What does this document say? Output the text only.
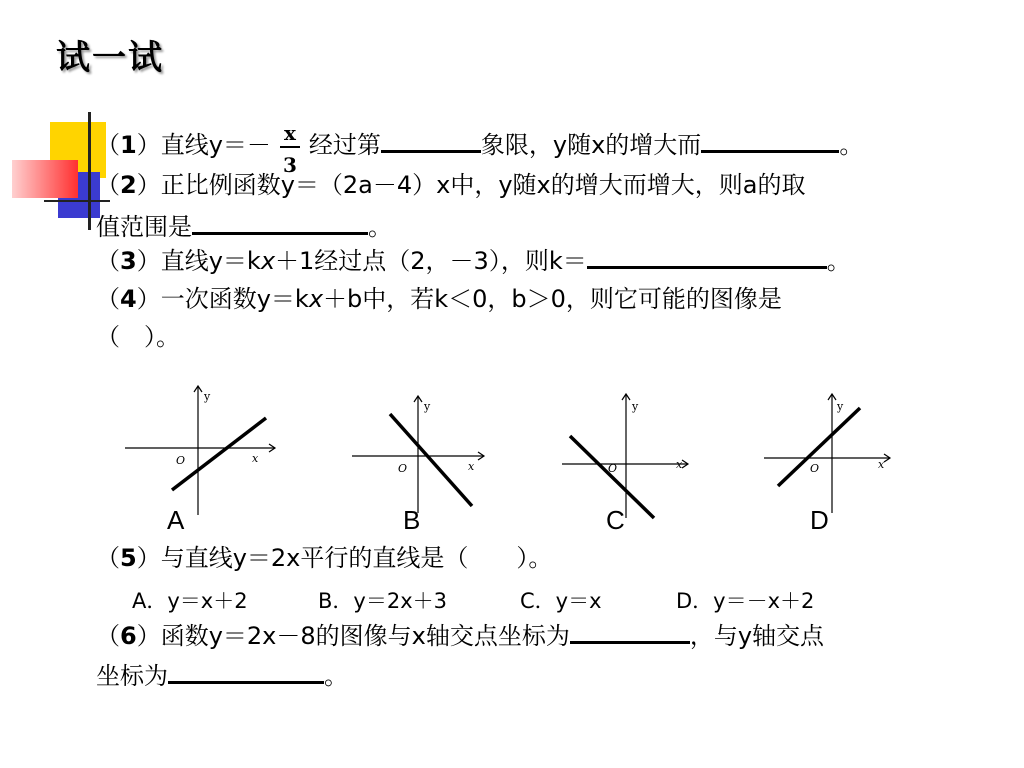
试一试
（1）直线$y=- \frac{x}{3}$ 经过第	象限，y随x的增大而	。
（2）正比例函数y＝（2a－4）x中，y随x的增大而增大，则a的取
值范围是	。
（3）直线y＝kx＋1经过点（2，－3），则k＝	。
（4）一次函数y＝kx＋b中，若k＜0，b＞0，则它可能的图像是
（　）。
y
x
O
A
y
x
O
B
y
x
O
C
y
x
O
D
（5）与直线y＝2x平行的直线是（　　）。
A．y＝x＋2	B．y＝2x＋3	C．y＝x	D．y＝－x＋2
（6）函数y＝2x－8的图像与x轴交点坐标为	，与y轴交点
坐标为	。
